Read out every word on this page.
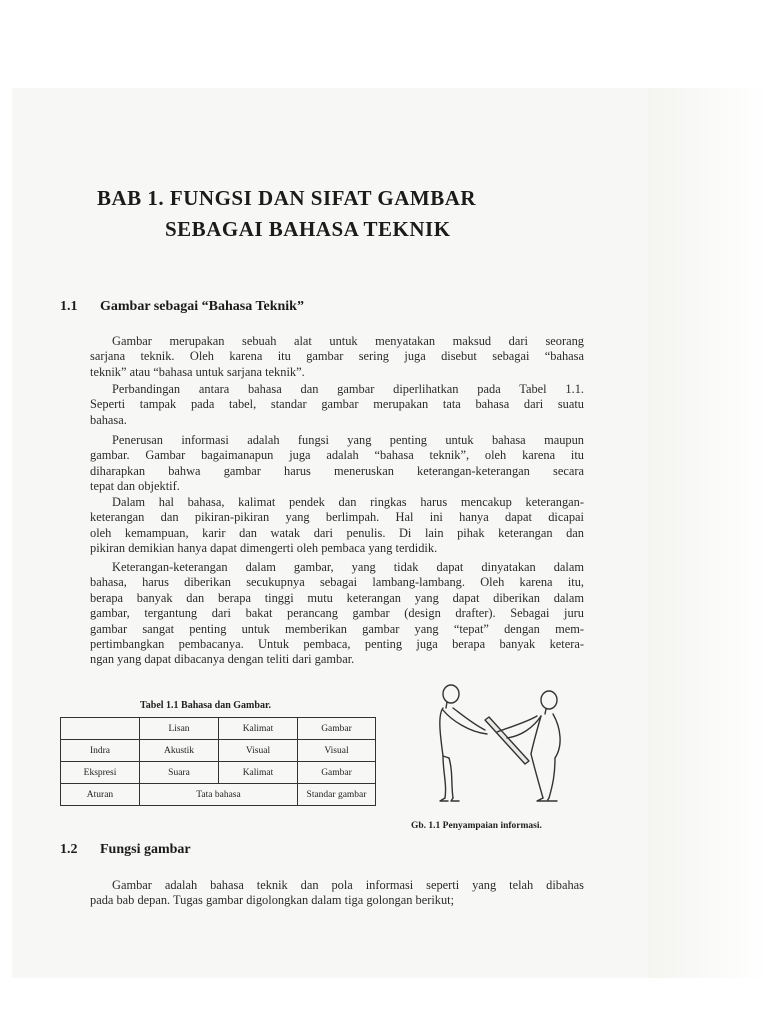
BAB 1. FUNGSI DAN SIFAT GAMBAR
SEBAGAI BAHASA TEKNIK
1.1 Gambar sebagai “Bahasa Teknik”
Gambar merupakan sebuah alat untuk menyatakan maksud dari seorang
sarjana teknik. Oleh karena itu gambar sering juga disebut sebagai “bahasa
teknik” atau “bahasa untuk sarjana teknik”.
Perbandingan antara bahasa dan gambar diperlihatkan pada Tabel 1.1.
Seperti tampak pada tabel, standar gambar merupakan tata bahasa dari suatu
bahasa.
Penerusan informasi adalah fungsi yang penting untuk bahasa maupun
gambar. Gambar bagaimanapun juga adalah “bahasa teknik”, oleh karena itu
diharapkan bahwa gambar harus meneruskan keterangan-keterangan secara
tepat dan objektif.
Dalam hal bahasa, kalimat pendek dan ringkas harus mencakup keterangan-
keterangan dan pikiran-pikiran yang berlimpah. Hal ini hanya dapat dicapai
oleh kemampuan, karir dan watak dari penulis. Di lain pihak keterangan dan
pikiran demikian hanya dapat dimengerti oleh pembaca yang terdidik.
Keterangan-keterangan dalam gambar, yang tidak dapat dinyatakan dalam
bahasa, harus diberikan secukupnya sebagai lambang-lambang. Oleh karena itu,
berapa banyak dan berapa tinggi mutu keterangan yang dapat diberikan dalam
gambar, tergantung dari bakat perancang gambar (design drafter). Sebagai juru
gambar sangat penting untuk memberikan gambar yang “tepat” dengan mem-
pertimbangkan pembacanya. Untuk pembaca, penting juga berapa banyak ketera-
ngan yang dapat dibacanya dengan teliti dari gambar.
Tabel 1.1 Bahasa dan Gambar.
	Lisan	Kalimat	Gambar
Indra	Akustik	Visual	Visual
Ekspresi	Suara	Kalimat	Gambar
Aturan	Tata bahasa		Standar gambar
Gb. 1.1 Penyampaian informasi.
1.2 Fungsi gambar
Gambar adalah bahasa teknik dan pola informasi seperti yang telah dibahas
pada bab depan. Tugas gambar digolongkan dalam tiga golongan berikut;
